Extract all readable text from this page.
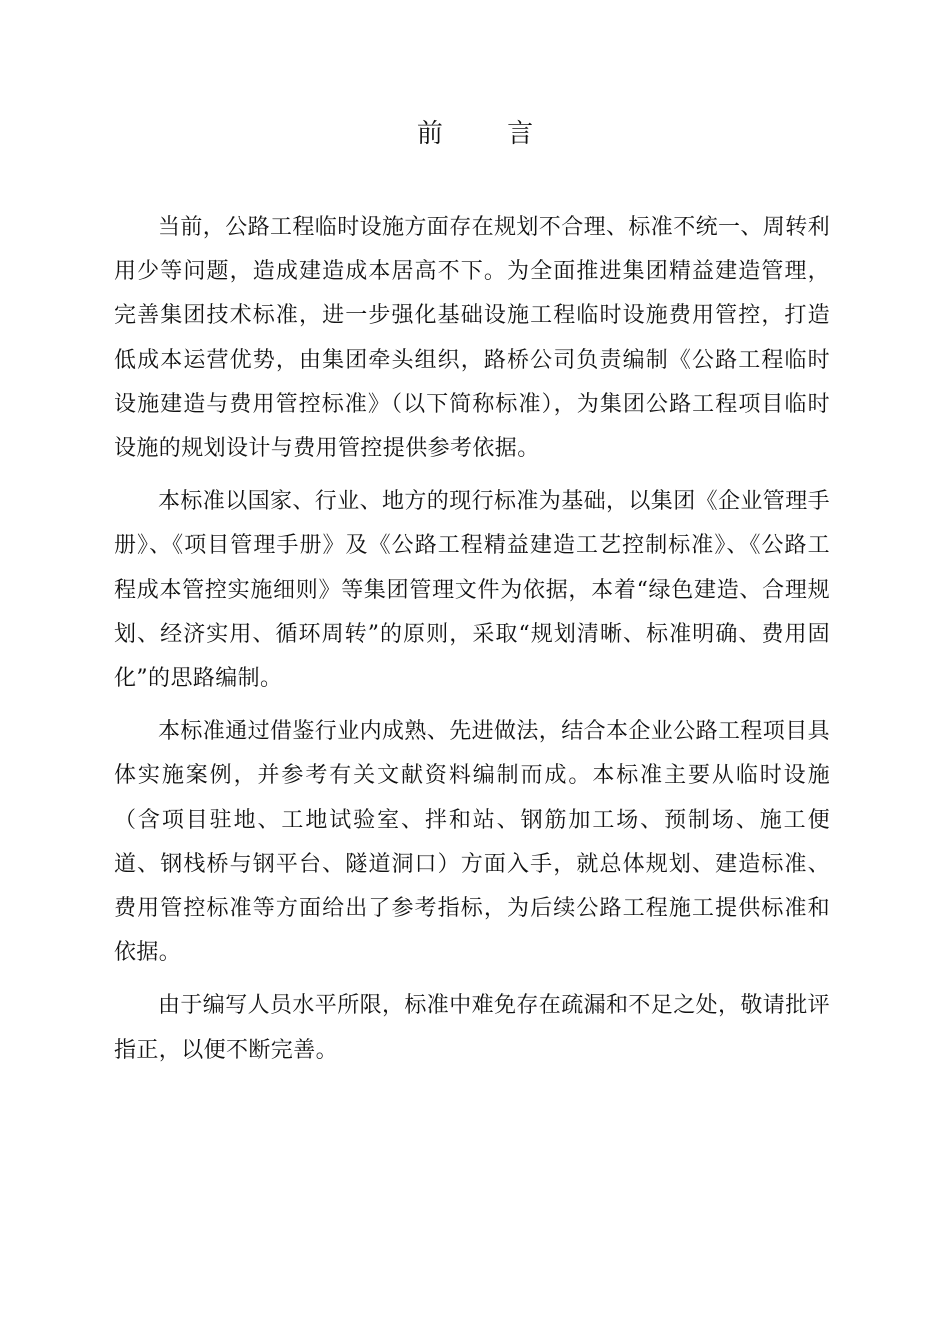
前 言

当前，公路工程临时设施方面存在规划不合理、标准不统一、周转利用少等问题，造成建造成本居高不下。为全面推进集团精益建造管理，完善集团技术标准，进一步强化基础设施工程临时设施费用管控，打造低成本运营优势，由集团牵头组织，路桥公司负责编制《公路工程临时设施建造与费用管控标准》（以下简称标准），为集团公路工程项目临时设施的规划设计与费用管控提供参考依据。

本标准以国家、行业、地方的现行标准为基础，以集团《企业管理手册》、《项目管理手册》及《公路工程精益建造工艺控制标准》、《公路工程成本管控实施细则》等集团管理文件为依据，本着“绿色建造、合理规划、经济实用、循环周转”的原则，采取“规划清晰、标准明确、费用固化”的思路编制。

本标准通过借鉴行业内成熟、先进做法，结合本企业公路工程项目具体实施案例，并参考有关文献资料编制而成。本标准主要从临时设施（含项目驻地、工地试验室、拌和站、钢筋加工场、预制场、施工便道、钢栈桥与钢平台、隧道洞口）方面入手，就总体规划、建造标准、费用管控标准等方面给出了参考指标，为后续公路工程施工提供标准和依据。

由于编写人员水平所限，标准中难免存在疏漏和不足之处，敬请批评指正，以便不断完善。
